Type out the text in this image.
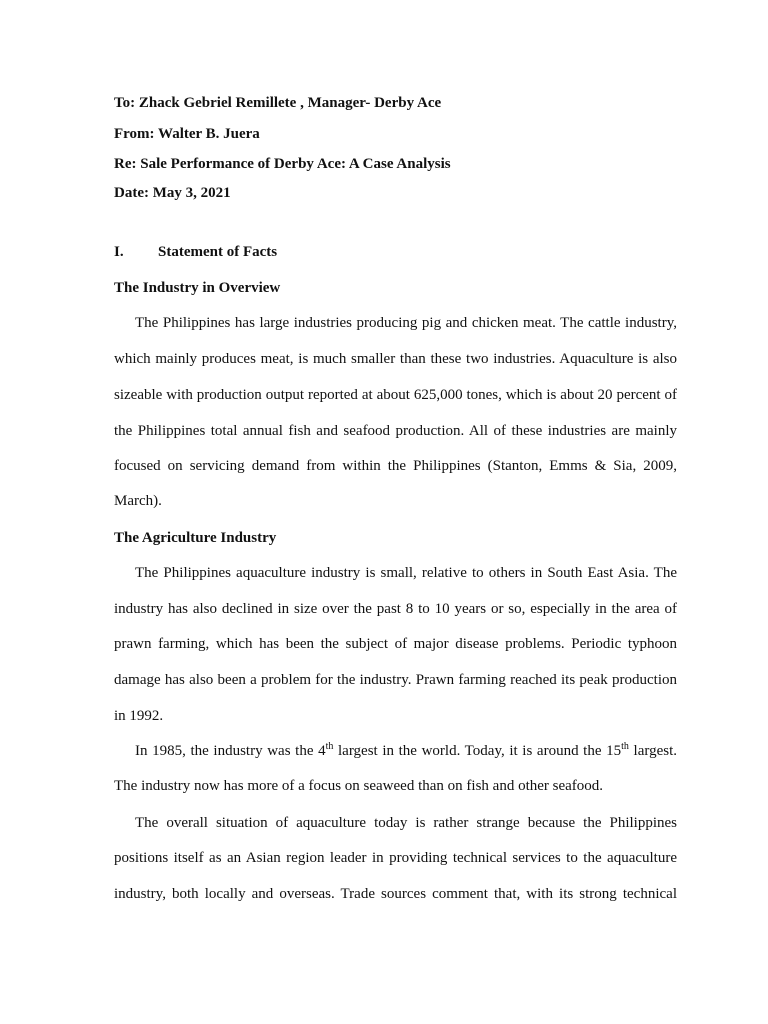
To: Zhack Gebriel Remillete , Manager- Derby Ace
From: Walter B. Juera
Re: Sale Performance of Derby Ace: A Case Analysis
Date: May 3, 2021
I. Statement of Facts
The Industry in Overview
The Philippines has large industries producing pig and chicken meat. The cattle industry,
which mainly produces meat, is much smaller than these two industries. Aquaculture is also
sizeable with production output reported at about 625,000 tones, which is about 20 percent of
the Philippines total annual fish and seafood production. All of these industries are mainly
focused on servicing demand from within the Philippines (Stanton, Emms & Sia, 2009,
March).
The Agriculture Industry
The Philippines aquaculture industry is small, relative to others in South East Asia. The
industry has also declined in size over the past 8 to 10 years or so, especially in the area of
prawn farming, which has been the subject of major disease problems. Periodic typhoon
damage has also been a problem for the industry. Prawn farming reached its peak production
in 1992.
In 1985, the industry was the 4th largest in the world. Today, it is around the 15th largest.
The industry now has more of a focus on seaweed than on fish and other seafood.
The overall situation of aquaculture today is rather strange because the Philippines
positions itself as an Asian region leader in providing technical services to the aquaculture
industry, both locally and overseas. Trade sources comment that, with its strong technical
